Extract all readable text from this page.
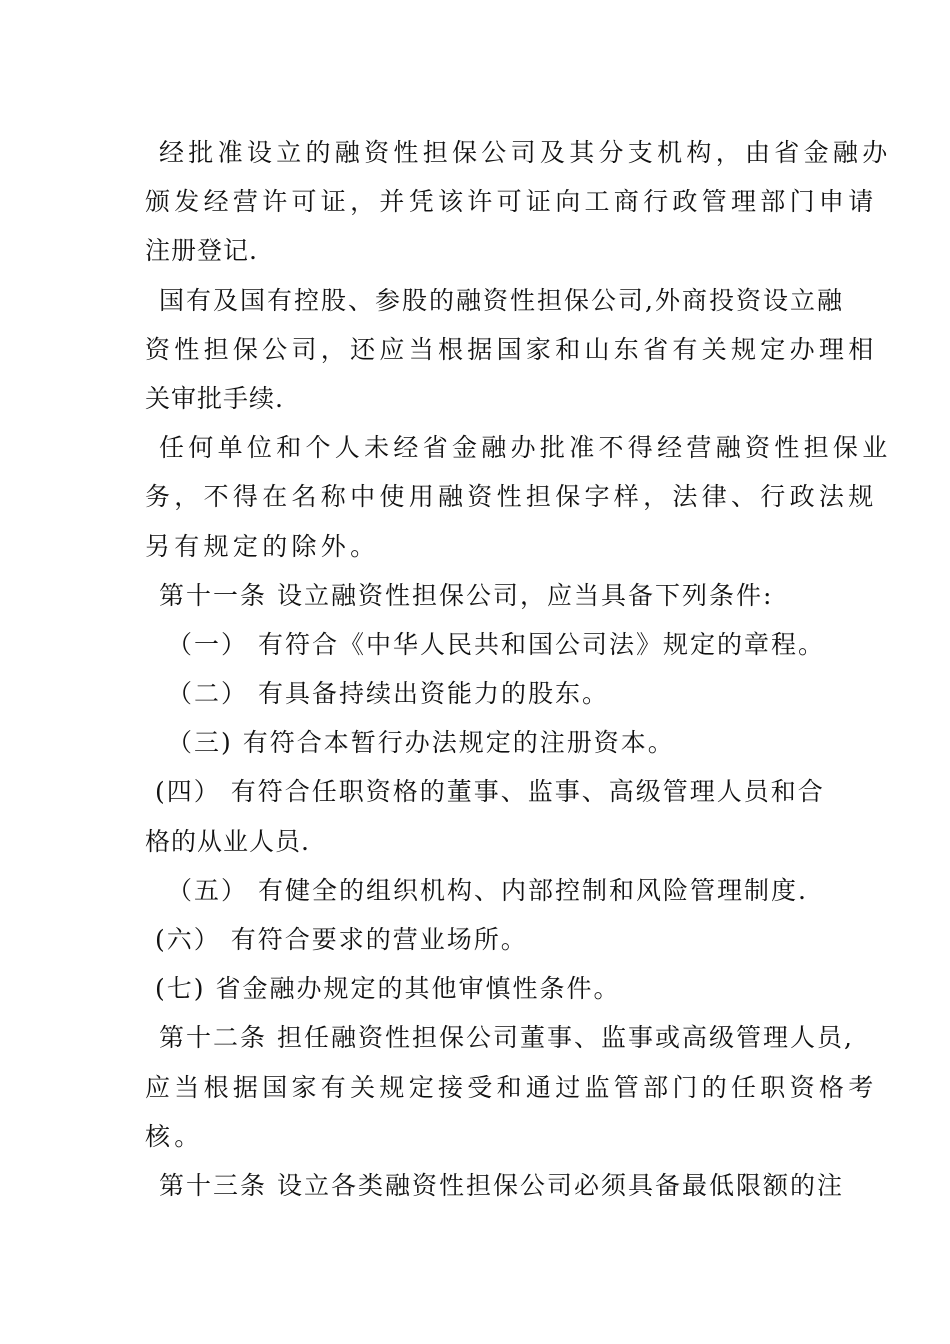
经批准设立的融资性担保公司及其分支机构，由省金融办
颁发经营许可证，并凭该许可证向工商行政管理部门申请
注册登记.
国有及国有控股、参股的融资性担保公司,外商投资设立融
资性担保公司，还应当根据国家和山东省有关规定办理相
关审批手续.
任何单位和个人未经省金融办批准不得经营融资性担保业
务，不得在名称中使用融资性担保字样，法律、行政法规
另有规定的除外。
第十一条 设立融资性担保公司，应当具备下列条件:
（一） 有符合《中华人民共和国公司法》规定的章程。
（二） 有具备持续出资能力的股东。
（三) 有符合本暂行办法规定的注册资本。
(四） 有符合任职资格的董事、监事、高级管理人员和合
格的从业人员.
（五） 有健全的组织机构、内部控制和风险管理制度.
(六） 有符合要求的营业场所。
(七) 省金融办规定的其他审慎性条件。
第十二条 担任融资性担保公司董事、监事或高级管理人员,
应当根据国家有关规定接受和通过监管部门的任职资格考
核。
第十三条 设立各类融资性担保公司必须具备最低限额的注
